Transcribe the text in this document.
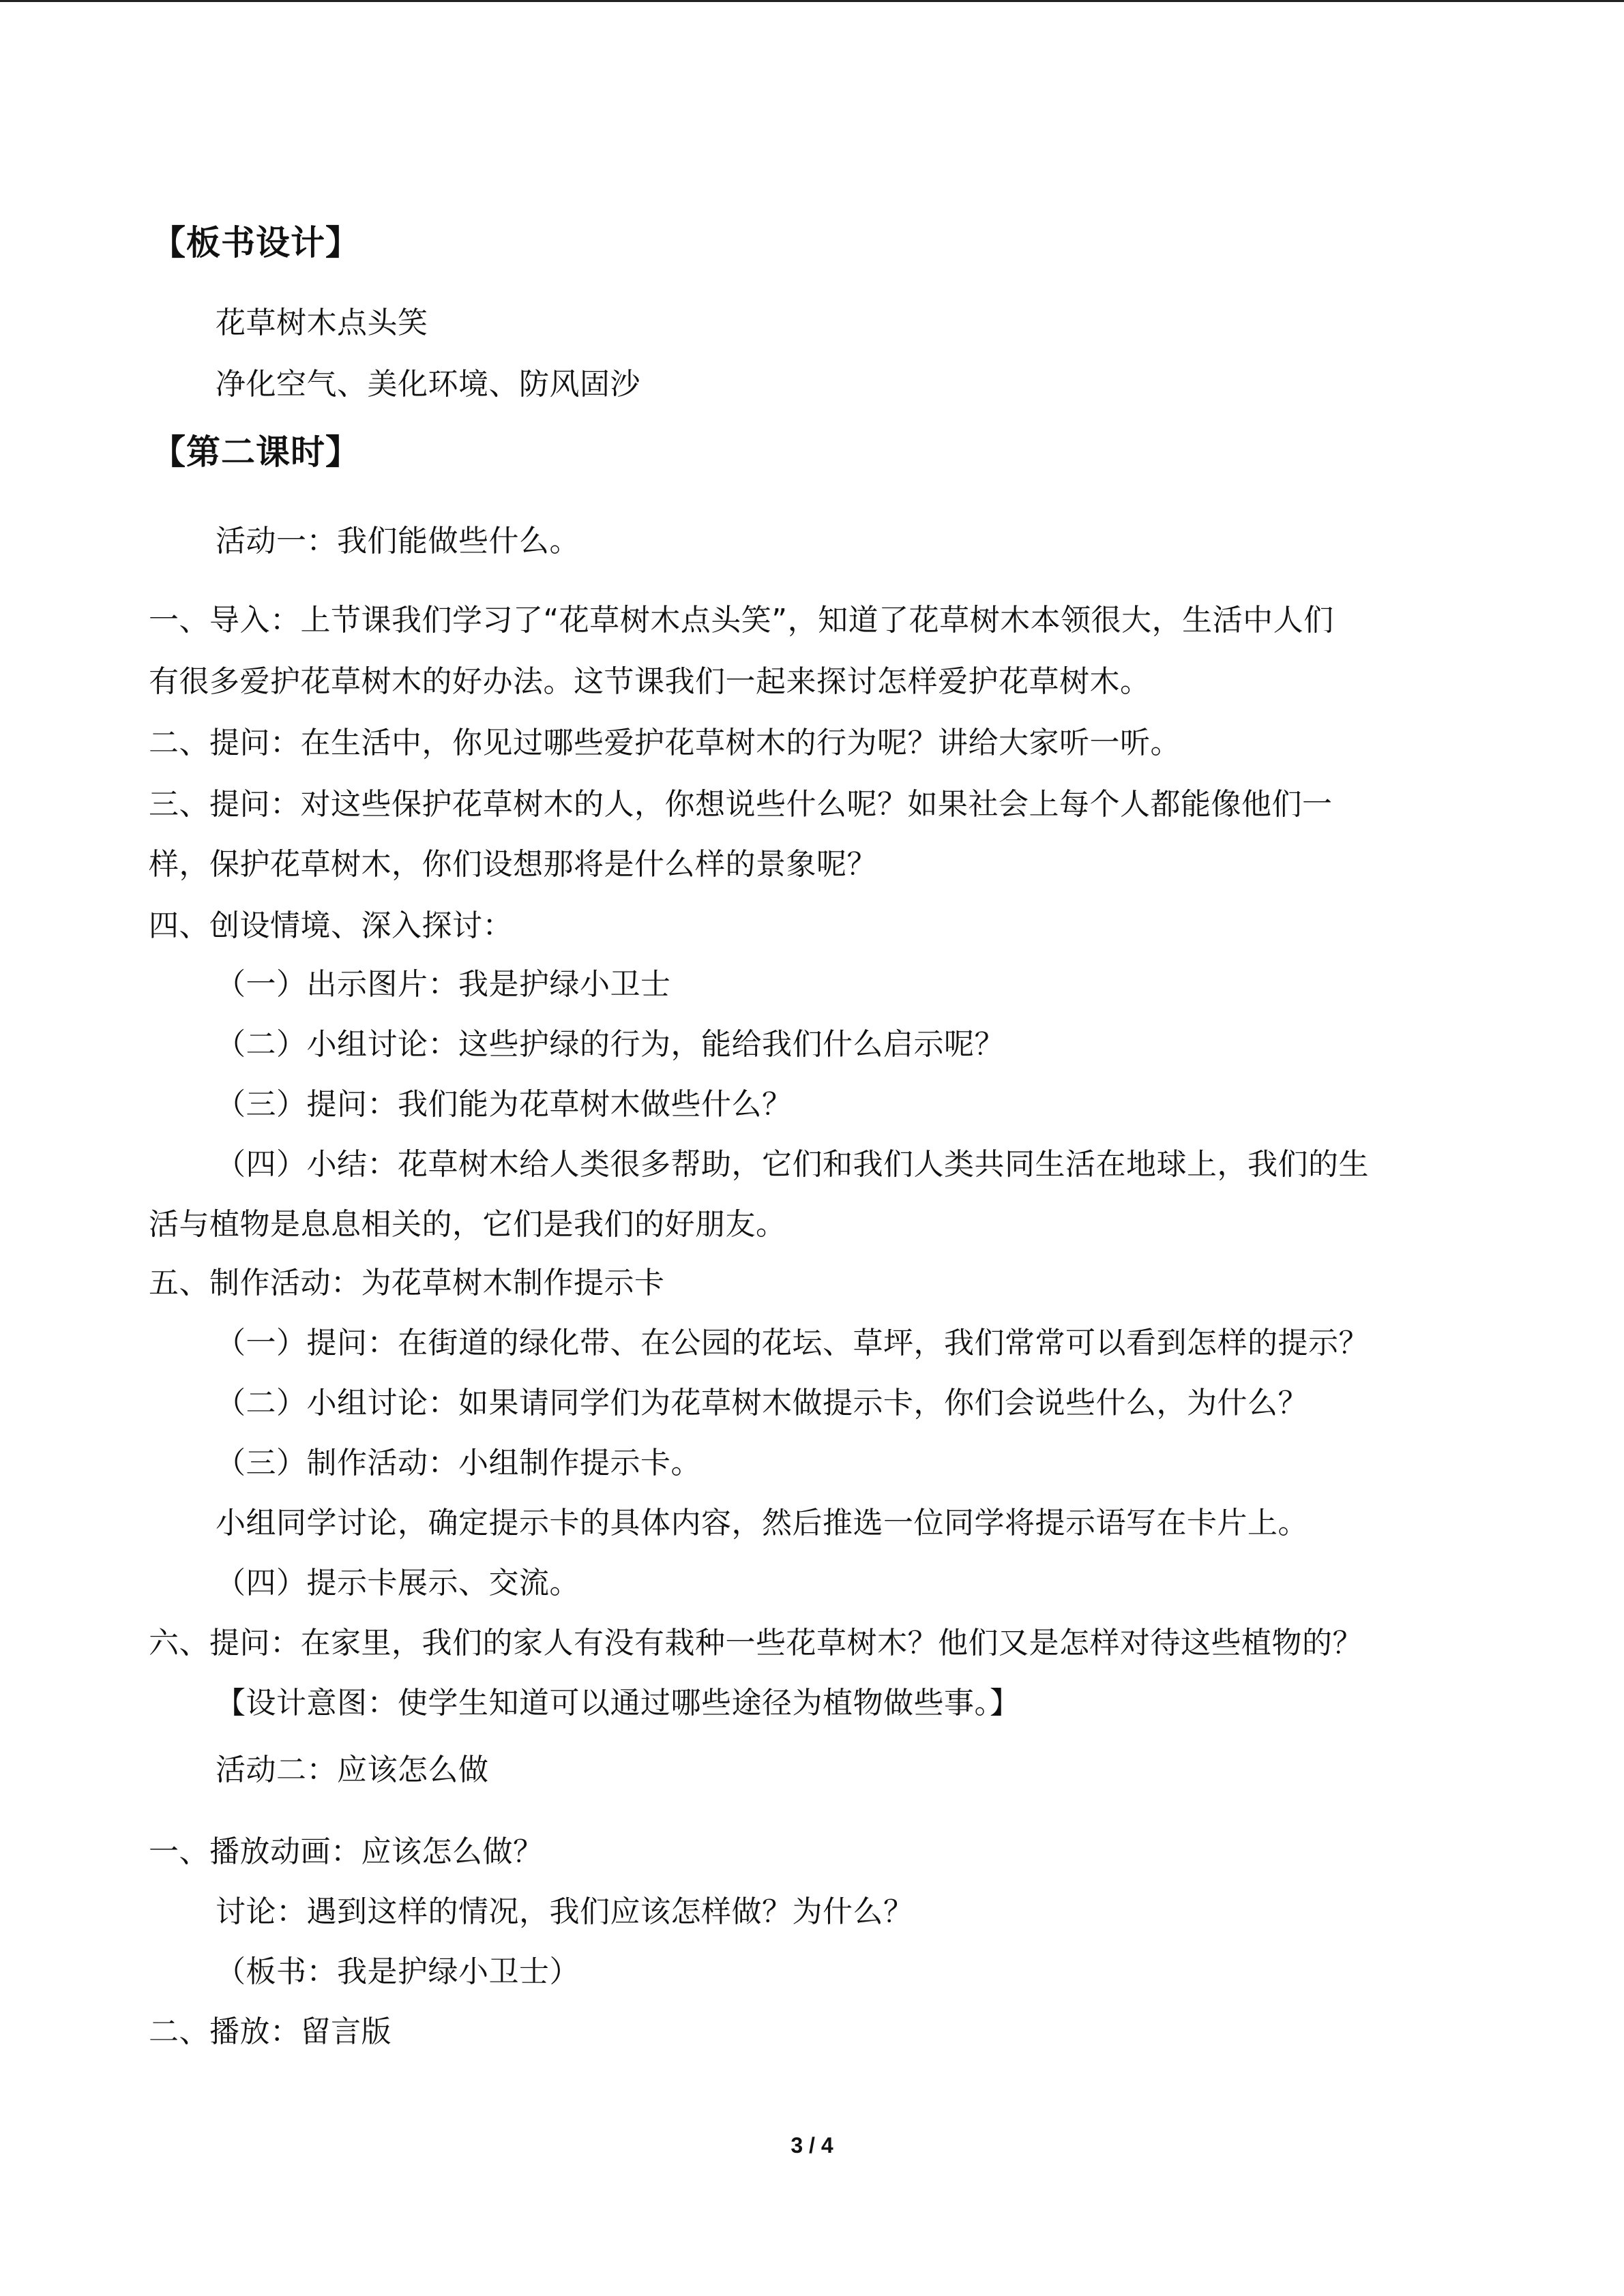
【板书设计】
花草树木点头笑
净化空气、美化环境、防风固沙
【第二课时】
活动一：我们能做些什么。
一、导入：上节课我们学习了“花草树木点头笑”，知道了花草树木本领很大，生活中人们
有很多爱护花草树木的好办法。这节课我们一起来探讨怎样爱护花草树木。
二、提问：在生活中，你见过哪些爱护花草树木的行为呢？讲给大家听一听。
三、提问：对这些保护花草树木的人，你想说些什么呢？如果社会上每个人都能像他们一
样，保护花草树木，你们设想那将是什么样的景象呢？
四、创设情境、深入探讨：
（一）出示图片：我是护绿小卫士
（二）小组讨论：这些护绿的行为，能给我们什么启示呢？
（三）提问：我们能为花草树木做些什么？
（四）小结：花草树木给人类很多帮助，它们和我们人类共同生活在地球上，我们的生
活与植物是息息相关的，它们是我们的好朋友。
五、制作活动：为花草树木制作提示卡
（一）提问：在街道的绿化带、在公园的花坛、草坪，我们常常可以看到怎样的提示？
（二）小组讨论：如果请同学们为花草树木做提示卡，你们会说些什么，为什么？
（三）制作活动：小组制作提示卡。
小组同学讨论，确定提示卡的具体内容，然后推选一位同学将提示语写在卡片上。
（四）提示卡展示、交流。
六、提问：在家里，我们的家人有没有栽种一些花草树木？他们又是怎样对待这些植物的？
【设计意图：使学生知道可以通过哪些途径为植物做些事。】
活动二：应该怎么做
一、播放动画：应该怎么做？
讨论：遇到这样的情况，我们应该怎样做？为什么？
（板书：我是护绿小卫士）
二、播放：留言版
3 / 4
